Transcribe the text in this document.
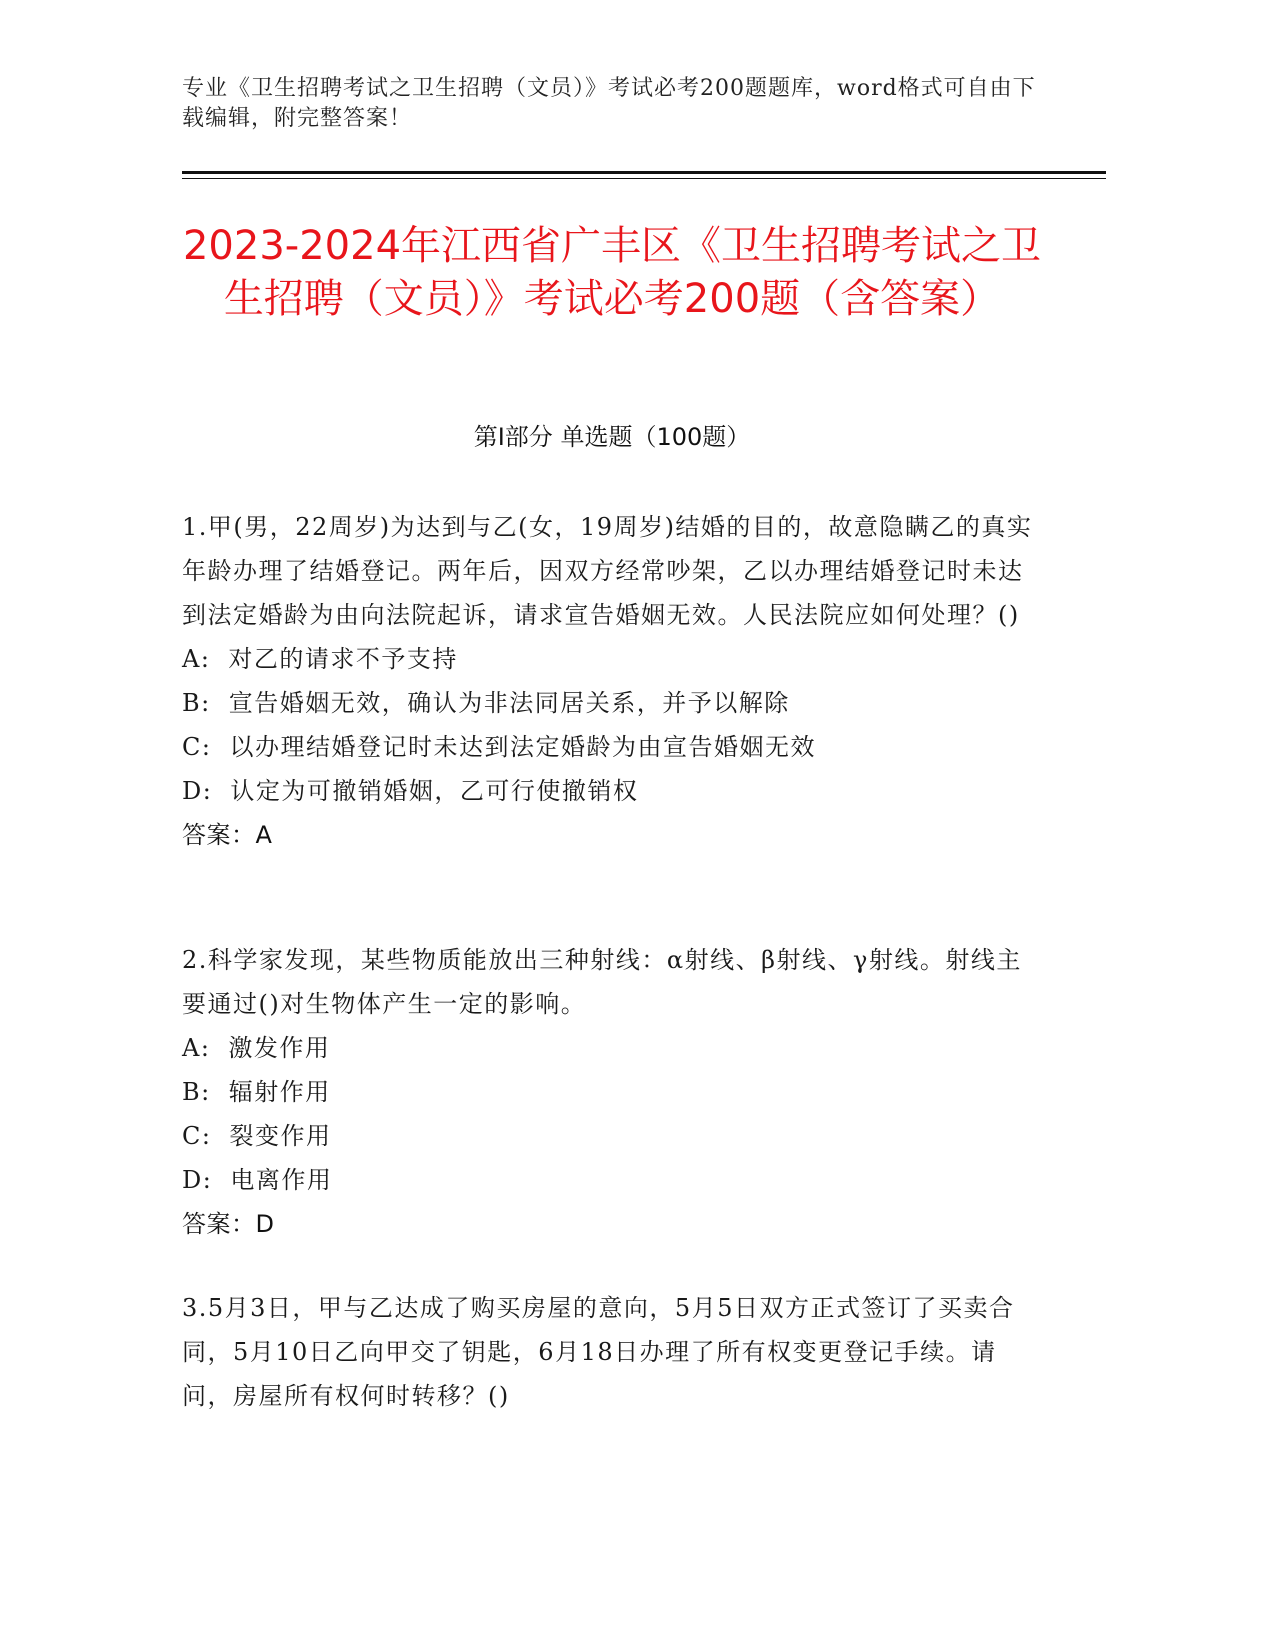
专业《卫生招聘考试之卫生招聘（文员）》考试必考200题题库，word格式可自由下载编辑，附完整答案！
2023-2024年江西省广丰区《卫生招聘考试之卫生招聘（文员）》考试必考200题（含答案）
第Ⅰ部分 单选题（100题）

1.甲(男，22周岁)为达到与乙(女，19周岁)结婚的目的，故意隐瞒乙的真实年龄办理了结婚登记。两年后，因双方经常吵架，乙以办理结婚登记时未达到法定婚龄为由向法院起诉，请求宣告婚姻无效。人民法院应如何处理？()

A: 对乙的请求不予支持

B: 宣告婚姻无效，确认为非法同居关系，并予以解除

C: 以办理结婚登记时未达到法定婚龄为由宣告婚姻无效

D: 认定为可撤销婚姻，乙可行使撤销权

答案：A

2.科学家发现，某些物质能放出三种射线：α射线、β射线、γ射线。射线主要通过()对生物体产生一定的影响。

A: 激发作用

B: 辐射作用

C: 裂变作用

D: 电离作用

答案：D

3.5月3日，甲与乙达成了购买房屋的意向，5月5日双方正式签订了买卖合同，5月10日乙向甲交了钥匙，6月18日办理了所有权变更登记手续。请问，房屋所有权何时转移？()
